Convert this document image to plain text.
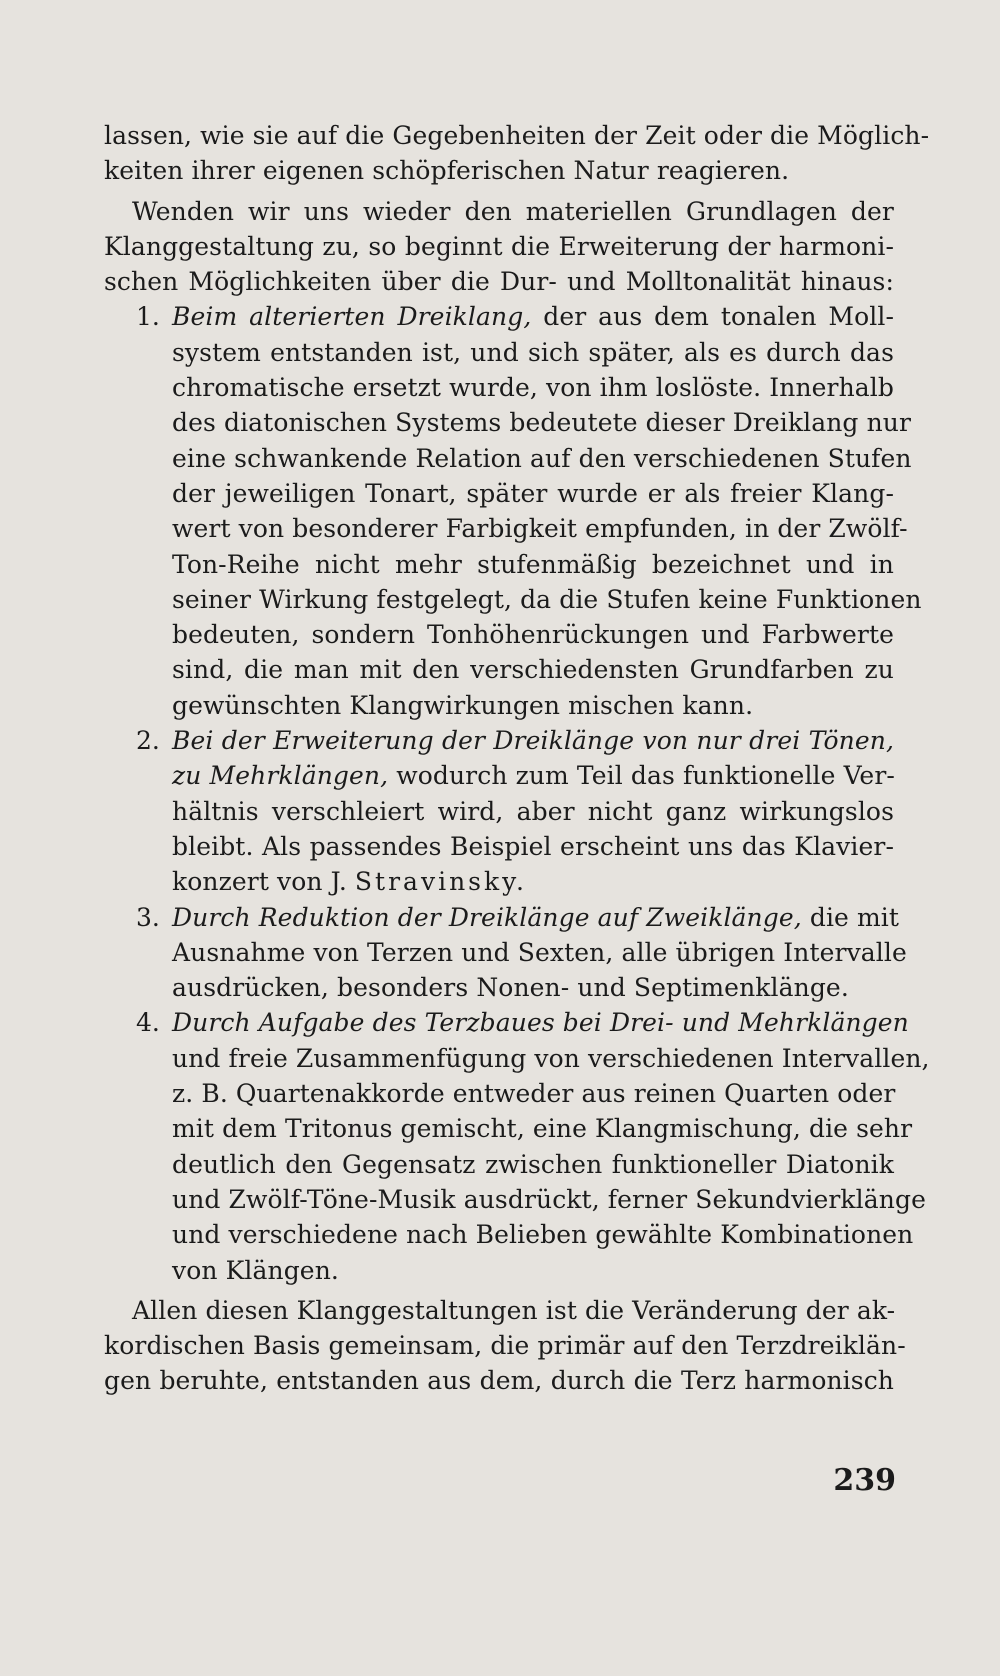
lassen, wie sie auf die Gegebenheiten der Zeit oder die Möglich-
keiten ihrer eigenen schöpferischen Natur reagieren.
Wenden wir uns wieder den materiellen Grundlagen der
Klanggestaltung zu, so beginnt die Erweiterung der harmoni-
schen Möglichkeiten über die Dur- und Molltonalität hinaus:
1. Beim alterierten Dreiklang, der aus dem tonalen Moll-
system entstanden ist, und sich später, als es durch das
chromatische ersetzt wurde, von ihm loslöste. Innerhalb
des diatonischen Systems bedeutete dieser Dreiklang nur
eine schwankende Relation auf den verschiedenen Stufen
der jeweiligen Tonart, später wurde er als freier Klang-
wert von besonderer Farbigkeit empfunden, in der Zwölf-
Ton-Reihe nicht mehr stufenmäßig bezeichnet und in
seiner Wirkung festgelegt, da die Stufen keine Funktionen
bedeuten, sondern Tonhöhenrückungen und Farbwerte
sind, die man mit den verschiedensten Grundfarben zu
gewünschten Klangwirkungen mischen kann.
2. Bei der Erweiterung der Dreiklänge von nur drei Tönen,
zu Mehrklängen, wodurch zum Teil das funktionelle Ver-
hältnis verschleiert wird, aber nicht ganz wirkungslos
bleibt. Als passendes Beispiel erscheint uns das Klavier-
konzert von J. Stravinsky.
3. Durch Reduktion der Dreiklänge auf Zweiklänge, die mit
Ausnahme von Terzen und Sexten, alle übrigen Intervalle
ausdrücken, besonders Nonen- und Septimenklänge.
4. Durch Aufgabe des Terzbaues bei Drei- und Mehrklängen
und freie Zusammenfügung von verschiedenen Intervallen,
z. B. Quartenakkorde entweder aus reinen Quarten oder
mit dem Tritonus gemischt, eine Klangmischung, die sehr
deutlich den Gegensatz zwischen funktioneller Diatonik
und Zwölf-Töne-Musik ausdrückt, ferner Sekundvierklänge
und verschiedene nach Belieben gewählte Kombinationen
von Klängen.
Allen diesen Klanggestaltungen ist die Veränderung der ak-
kordischen Basis gemeinsam, die primär auf den Terzdreiklän-
gen beruhte, entstanden aus dem, durch die Terz harmonisch
239
